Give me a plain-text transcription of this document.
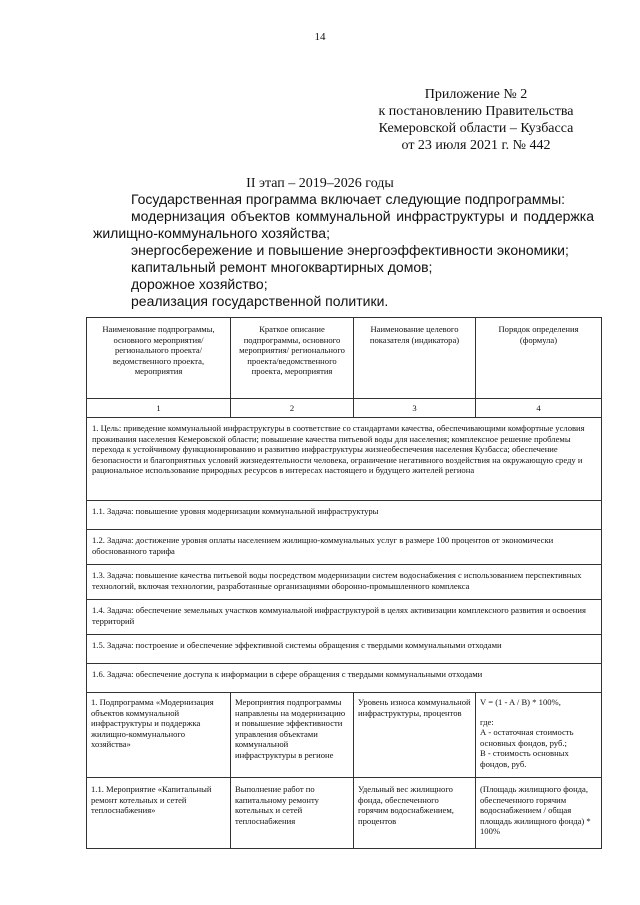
14
Приложение № 2
к постановлению Правительства
Кемеровской области – Кузбасса
от 23 июля 2021 г. № 442
II этап – 2019–2026 годы

Государственная программа включает следующие подпрограммы:

модернизация объектов коммунальной инфраструктуры и поддержка жилищно-коммунального хозяйства;

энергосбережение и повышение энергоэффективности экономики;

капитальный ремонт многоквартирных домов;

дорожное хозяйство;

реализация государственной политики.

Наименование подпрограммы, основного мероприятия/регионального проекта/ведомственного проекта, мероприятия	Краткое описание подпрограммы, основного мероприятия/ регионального проекта/ведомственного проекта, мероприятия	Наименование целевого показателя (индикатора)	Порядок определения (формула)
1	2	3	4
1. Цель: приведение коммунальной инфраструктуры в соответствие со стандартами качества, обеспечивающими комфортные условия проживания населения Кемеровской области; повышение качества питьевой воды для населения; комплексное решение проблемы перехода к устойчивому функционированию и развитию инфраструктуры жизнеобеспечения населения Кузбасса; обеспечение безопасности и благоприятных условий жизнедеятельности человека, ограничение негативного воздействия на окружающую среду и рациональное использование природных ресурсов в интересах настоящего и будущего жителей региона			
1.1. Задача: повышение уровня модернизации коммунальной инфраструктуры			
1.2. Задача: достижение уровня оплаты населением жилищно-коммунальных услуг в размере 100 процентов от экономически обоснованного тарифа			
1.3. Задача: повышение качества питьевой воды посредством модернизации систем водоснабжения с использованием перспективных технологий, включая технологии, разработанные организациями оборонно-промышленного комплекса			
1.4. Задача: обеспечение земельных участков коммунальной инфраструктурой в целях активизации комплексного развития и освоения территорий			
1.5. Задача: построение и обеспечение эффективной системы обращения с твердыми коммунальными отходами			
1.6. Задача: обеспечение доступа к информации в сфере обращения с твердыми коммунальными отходами			
1. Подпрограмма «Модернизация объектов коммунальной инфраструктуры и поддержка жилищно-коммунального хозяйства»	Мероприятия подпрограммы направлены на модернизацию и повышение эффективности управления объектами коммунальной инфраструктуры в регионе	Уровень износа коммунальной инфраструктуры, процентов	V = (1 - A / B) * 100%,
где:
А - остаточная стоимость основных фондов, руб.;
В - стоимость основных фондов, руб.

1.1. Мероприятие «Капитальный ремонт котельных и сетей теплоснабжения»	Выполнение работ по капитальному ремонту котельных и сетей теплоснабжения	Удельный вес жилищного фонда, обеспеченного горячим водоснабжением, процентов	(Площадь жилищного фонда, обеспеченного горячим водоснабжением / общая площадь жилищного фонда) * 100%
